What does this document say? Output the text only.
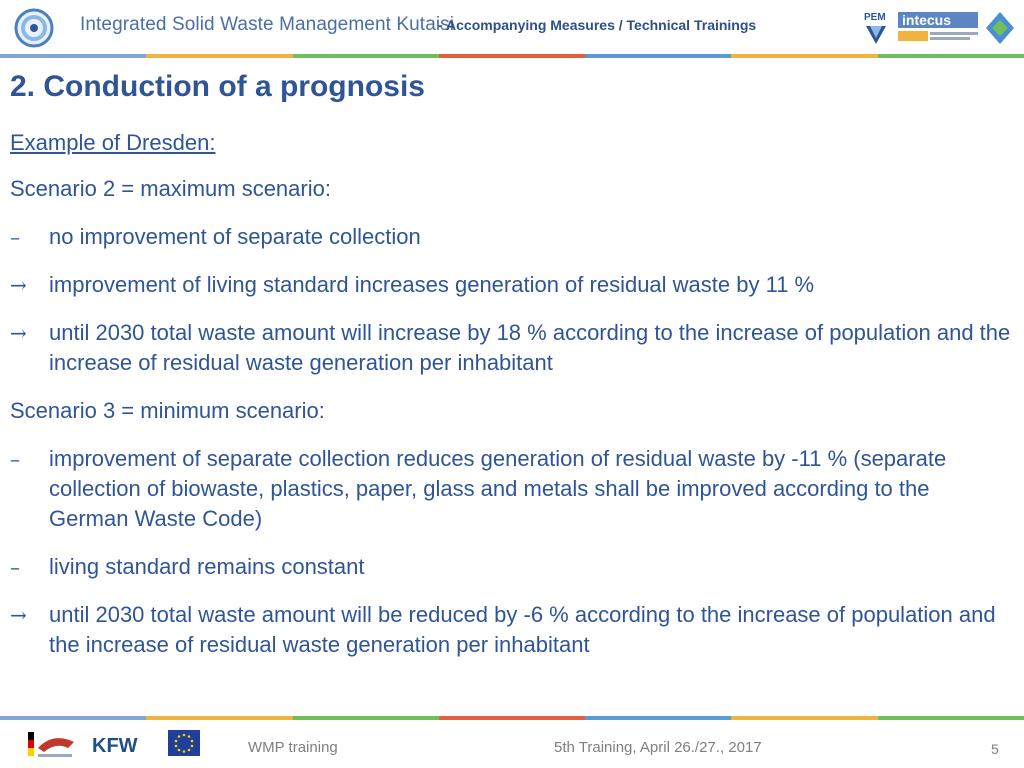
Integrated Solid Waste Management Kutaisi
- Accompanying Measures / Technical Trainings	PEM intecus
2. Conduction of a prognosis
Example of Dresden:
Scenario 2 = maximum scenario:
–	no improvement of separate collection
→	improvement of living standard increases generation of residual waste by 11 %
→	until 2030 total waste amount will increase by 18 % according to the increase of population and the increase of residual waste generation per inhabitant
Scenario 3 = minimum scenario:
–	improvement of separate collection reduces generation of residual waste by -11 % (separate collection of biowaste, plastics, paper, glass and metals shall be improved according to the German Waste Code)
–	living standard remains constant
→	until 2030 total waste amount will be reduced by -6 % according to the increase of population and the increase of residual waste generation per inhabitant
KFW	WMP training	5th Training, April 26./27., 2017	5
